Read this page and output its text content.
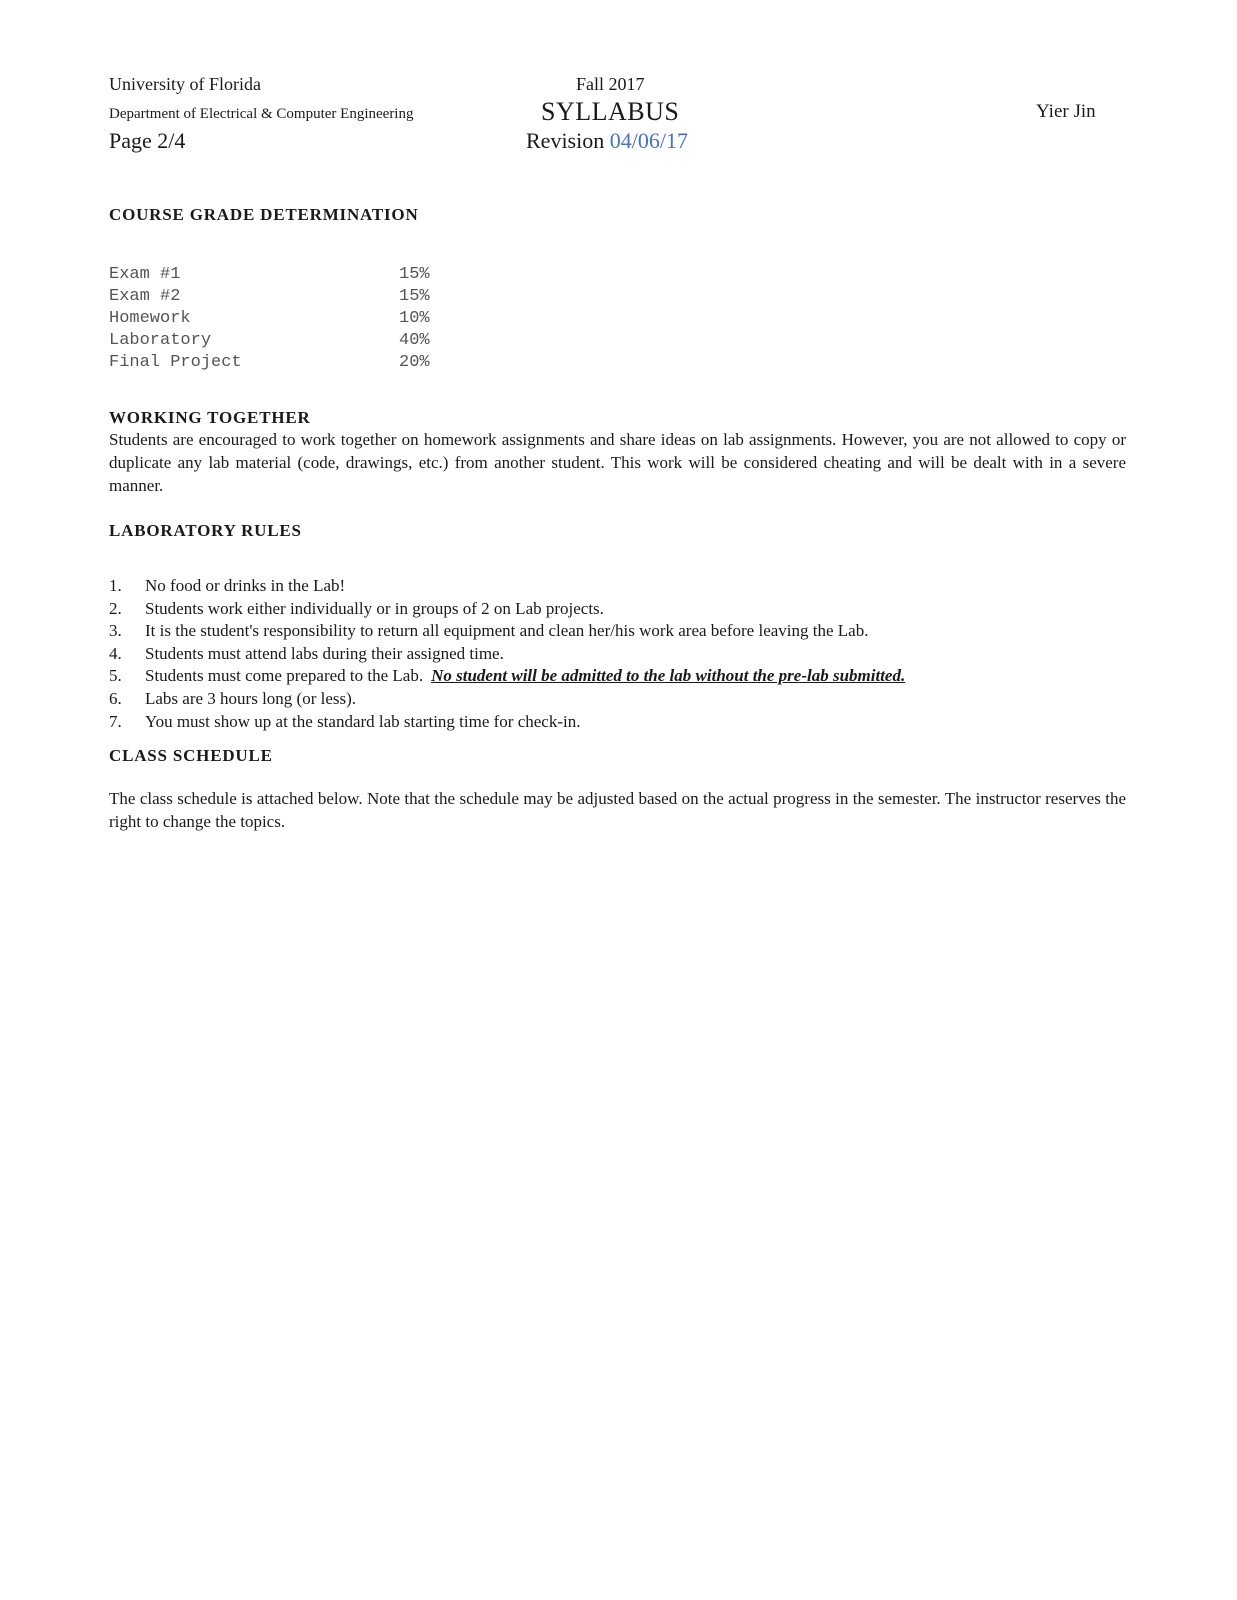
University of Florida
Department of Electrical & Computer Engineering
Page 2/4
Fall 2017
SYLLABUS
Revision 04/06/17
Yier Jin
COURSE GRADE DETERMINATION
Exam #1	15%
Exam #2	15%
Homework	10%
Laboratory	40%
Final Project	20%
WORKING TOGETHER
Students are encouraged to work together on homework assignments and share ideas on lab assignments. However, you are not allowed to copy or duplicate any lab material (code, drawings, etc.) from another student. This work will be considered cheating and will be dealt with in a severe manner.
LABORATORY RULES
1. No food or drinks in the Lab!
2. Students work either individually or in groups of 2 on Lab projects.
3. It is the student's responsibility to return all equipment and clean her/his work area before leaving the Lab.
4. Students must attend labs during their assigned time.
5. Students must come prepared to the Lab. No student will be admitted to the lab without the pre-lab submitted.
6. Labs are 3 hours long (or less).
7. You must show up at the standard lab starting time for check-in.
CLASS SCHEDULE
The class schedule is attached below. Note that the schedule may be adjusted based on the actual progress in the semester. The instructor reserves the right to change the topics.
